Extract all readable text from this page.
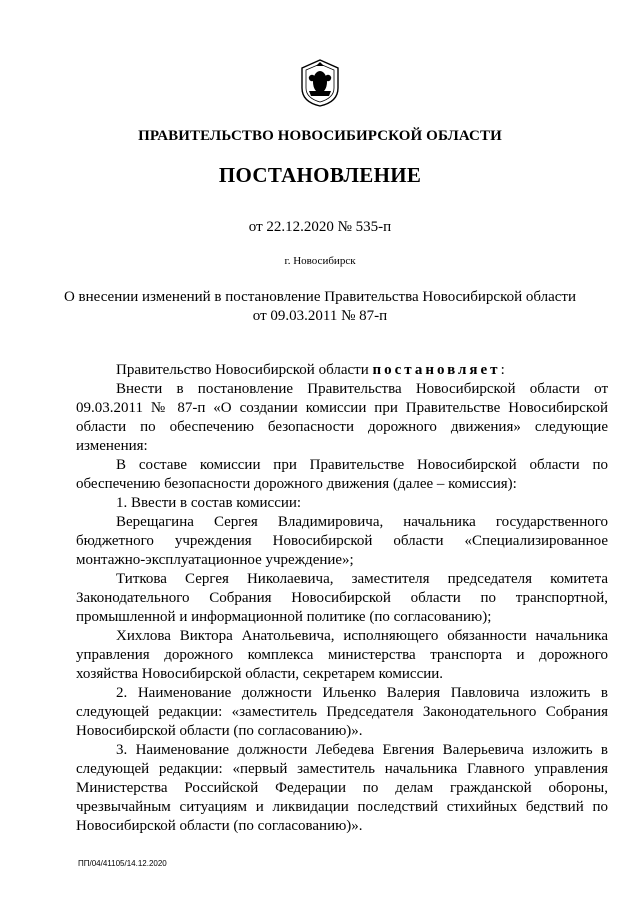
ПРАВИТЕЛЬСТВО НОВОСИБИРСКОЙ ОБЛАСТИ
ПОСТАНОВЛЕНИЕ
от 22.12.2020 № 535-п
г. Новосибирск
О внесении изменений в постановление Правительства Новосибирской области от 09.03.2011 № 87-п

Правительство Новосибирской области постановляет:

Внести в постановление Правительства Новосибирской области от 09.03.2011 № 87-п «О создании комиссии при Правительстве Новосибирской области по обеспечению безопасности дорожного движения» следующие изменения:

В составе комиссии при Правительстве Новосибирской области по обеспечению безопасности дорожного движения (далее – комиссия):

1. Ввести в состав комиссии:

Верещагина Сергея Владимировича, начальника государственного бюджетного учреждения Новосибирской области «Специализированное монтажно-эксплуатационное учреждение»;

Титкова Сергея Николаевича, заместителя председателя комитета Законодательного Собрания Новосибирской области по транспортной, промышленной и информационной политике (по согласованию);

Хихлова Виктора Анатольевича, исполняющего обязанности начальника управления дорожного комплекса министерства транспорта и дорожного хозяйства Новосибирской области, секретарем комиссии.

2. Наименование должности Ильенко Валерия Павловича изложить в следующей редакции: «заместитель Председателя Законодательного Собрания Новосибирской области (по согласованию)».

3. Наименование должности Лебедева Евгения Валерьевича изложить в следующей редакции: «первый заместитель начальника Главного управления Министерства Российской Федерации по делам гражданской обороны, чрезвычайным ситуациям и ликвидации последствий стихийных бедствий по Новосибирской области (по согласованию)».

ПП/04/41105/14.12.2020
